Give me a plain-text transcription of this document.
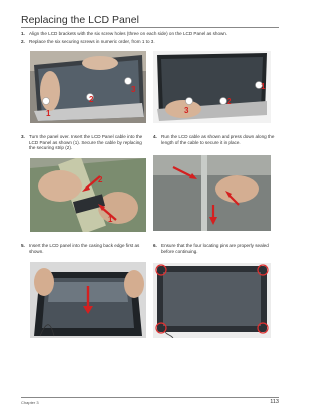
Replacing the LCD Panel
1. Align the LCD brackets with the six screw holes (three on each side) on the LCD Panel as shown.
2. Replace the six securing screws in numeric order, from 1 to 3.
1
2
3	1
2
3
3. Turn the panel over. Insert the LCD Panel cable into the LCD Panel as shown (1). Secure the cable by replacing the securing strip (2).
4. Run the LCD cable as shown and press down along the length of the cable to secure it in place.
2
1
5. Insert the LCD panel into the casing back edge first as shown.
6. Ensure that the four locating pins are properly sealed before continuing.
Chapter 3	113
